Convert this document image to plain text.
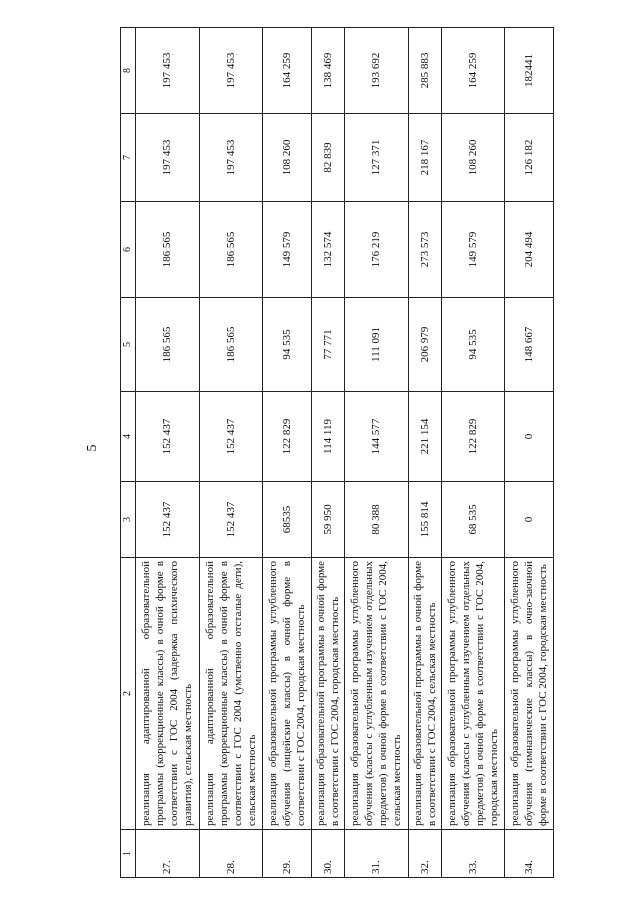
5
1	2	3	4	5	6	7	8
27.	реализация адаптированной образовательной программы (коррекционные классы) в очной форме в соответствии с ГОС 2004 (задержка психического развития), сельская местность	152 437	152 437	186 565	186 565	197 453	197 453
28.	реализация адаптированной образовательной программы (коррекционные классы) в очной форме в соответствии с ГОС 2004 (умственно отсталые дети), сельская местность	152 437	152 437	186 565	186 565	197 453	197 453
29.	реализация образовательной программы углубленного обучения (лицейские классы) в очной форме в соответствии с ГОС 2004, городская местность	68535	122 829	94 535	149 579	108 260	164 259
30.	реализация образовательной программы в очной форме в соответствии с ГОС 2004, городская местность	59 950	114 119	77 771	132 574	82 839	138 469
31.	реализация образовательной программы углубленного обучения (классы с углубленным изучением отдельных предметов) в очной форме в соответствии с ГОС 2004, сельская местность	80 388	144 577	111 091	176 219	127 371	193 692
32.	реализация образовательной программы в очной форме в соответствии с ГОС 2004, сельская местность	155 814	221 154	206 979	273 573	218 167	285 883
33.	реализация образовательной программы углубленного обучения (классы с углубленным изучением отдельных предметов) в очной форме в соответствии с ГОС 2004, городская местность	68 535	122 829	94 535	149 579	108 260	164 259
34.	реализация образовательной программы углубленного обучения (гимназические классы) в очно-заочной форме в соответствии с ГОС 2004, городская местность	0	0	148 667	204 494	126 182	182441
